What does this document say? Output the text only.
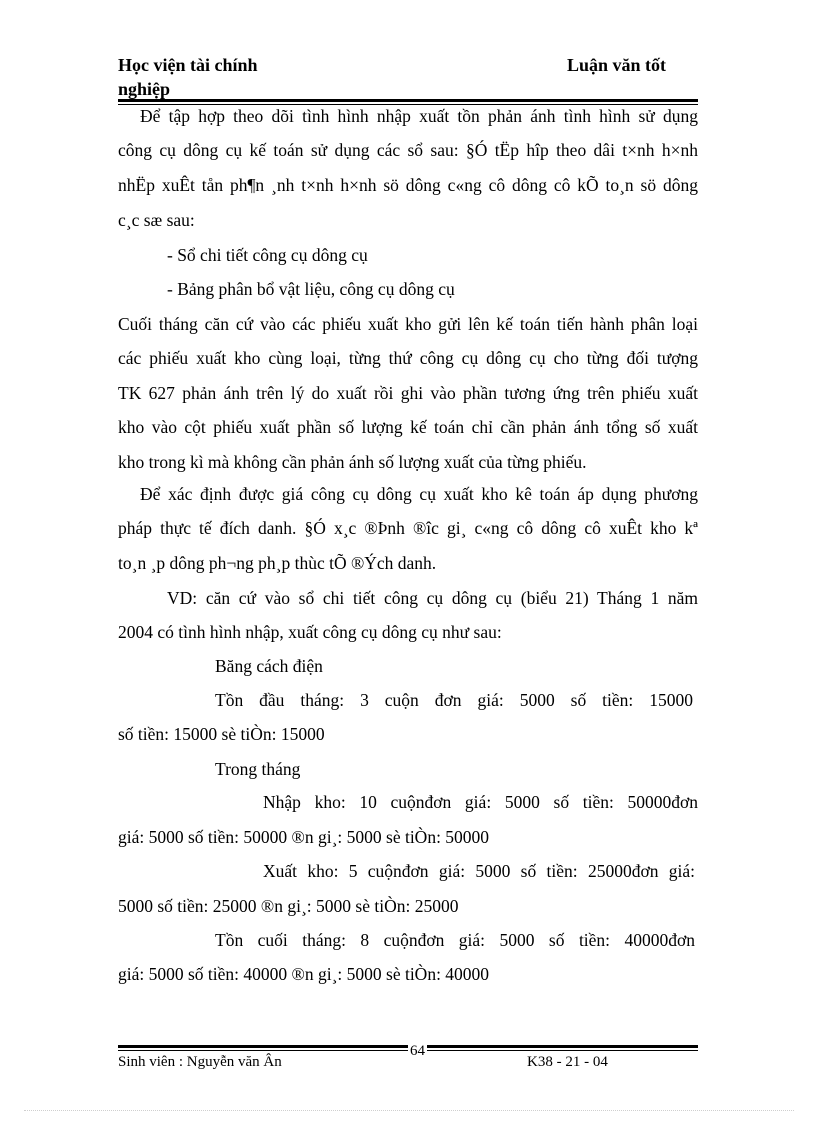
Học viện tài chính
nghiệp
Luận văn tốt
Để tập hợp theo dõi tình hình nhập xuất tồn phản ánh tình hình sử dụng
công cụ dông cụ kế toán sử dụng các sổ sau: §Ó tËp hîp theo dâi t×nh h×nh
nhËp xuÊt tån ph¶n ¸nh t×nh h×nh sö dông c«ng cô dông cô kÕ to¸n sö dông
c¸c sæ sau:
- Sổ chi tiết công cụ dông cụ
- Bảng phân bổ vật liệu, công cụ dông cụ
Cuối tháng căn cứ vào các phiếu xuất kho gửi lên kế toán tiến hành phân loại
các phiếu xuất kho cùng loại, từng thứ công cụ dông cụ cho từng đối tượng
TK 627 phản ánh trên lý do xuất rồi ghi vào phần tương ứng trên phiếu xuất
kho vào cột phiếu xuất phần số lượng kế toán chỉ cần phản ánh tổng số xuất
kho trong kì mà không cần phản ánh số lượng xuất của từng phiếu.
Để xác định được giá công cụ dông cụ xuất kho kê toán áp dụng phương
pháp thực tế đích danh. §Ó x¸c ®Þnh ®îc gi¸ c«ng cô dông cô xuÊt kho kª
to¸n ¸p dông ph¬ng ph¸p thùc tÕ ®Ých danh.
VD: căn cứ vào sổ chi tiết công cụ dông cụ (biểu 21) Tháng 1 năm
2004 có tình hình nhập, xuất công cụ dông cụ như sau:
Băng cách điện
Tồn đầu tháng: 3 cuộn đơn giá: 5000 số tiền: 15000
số tiền: 15000 sè tiÒn: 15000
Trong tháng
Nhập kho: 10 cuộnđơn giá: 5000 số tiền: 50000đơn
giá: 5000 số tiền: 50000 ®n gi¸: 5000 sè tiÒn: 50000
Xuất kho: 5 cuộnđơn giá: 5000 số tiền: 25000đơn giá:
5000 số tiền: 25000 ®n gi¸: 5000 sè tiÒn: 25000
Tồn cuối tháng: 8 cuộnđơn giá: 5000 số tiền: 40000đơn
giá: 5000 số tiền: 40000 ®n gi¸: 5000 sè tiÒn: 40000
Sinh viên : Nguyễn văn Ân
64
K38 - 21 - 04
